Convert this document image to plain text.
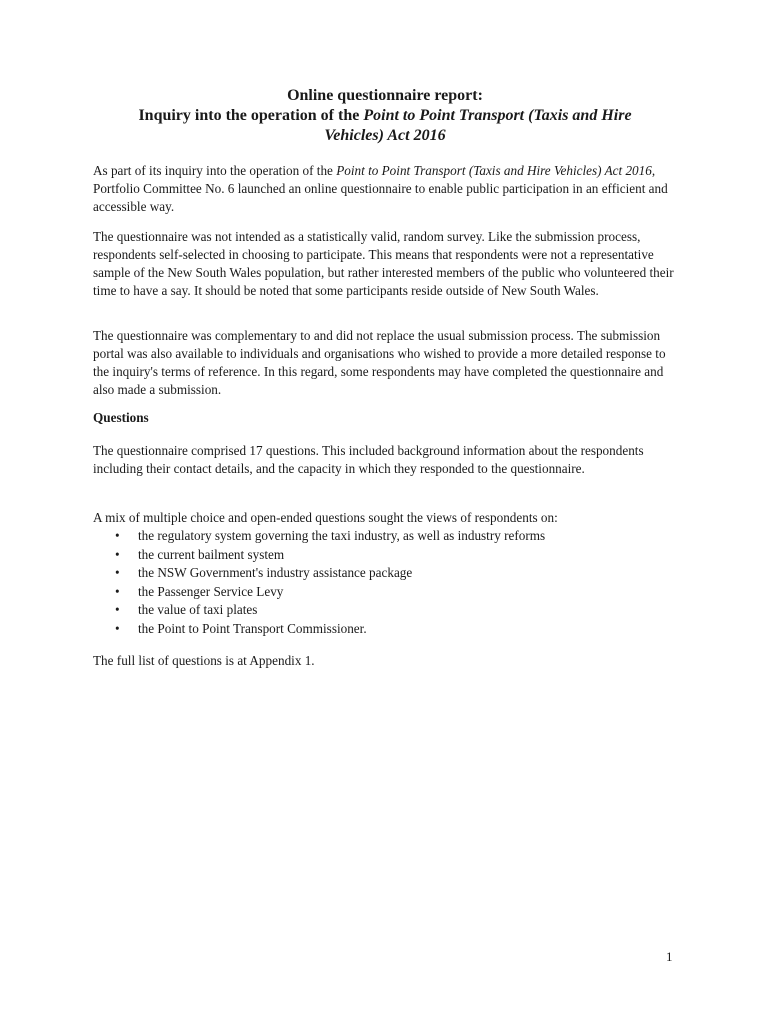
Online questionnaire report:
Inquiry into the operation of the Point to Point Transport (Taxis and Hire
Vehicles) Act 2016
As part of its inquiry into the operation of the Point to Point Transport (Taxis and Hire Vehicles) Act 2016, Portfolio Committee No. 6 launched an online questionnaire to enable public participation in an efficient and accessible way.
The questionnaire was not intended as a statistically valid, random survey. Like the submission process, respondents self-selected in choosing to participate. This means that respondents were not a representative sample of the New South Wales population, but rather interested members of the public who volunteered their time to have a say. It should be noted that some participants reside outside of New South Wales.
The questionnaire was complementary to and did not replace the usual submission process. The submission portal was also available to individuals and organisations who wished to provide a more detailed response to the inquiry's terms of reference. In this regard, some respondents may have completed the questionnaire and also made a submission.
Questions
The questionnaire comprised 17 questions. This included background information about the respondents including their contact details, and the capacity in which they responded to the questionnaire.
A mix of multiple choice and open-ended questions sought the views of respondents on:
• the regulatory system governing the taxi industry, as well as industry reforms
• the current bailment system
• the NSW Government's industry assistance package
• the Passenger Service Levy
• the value of taxi plates
• the Point to Point Transport Commissioner.
The full list of questions is at Appendix 1.
1
